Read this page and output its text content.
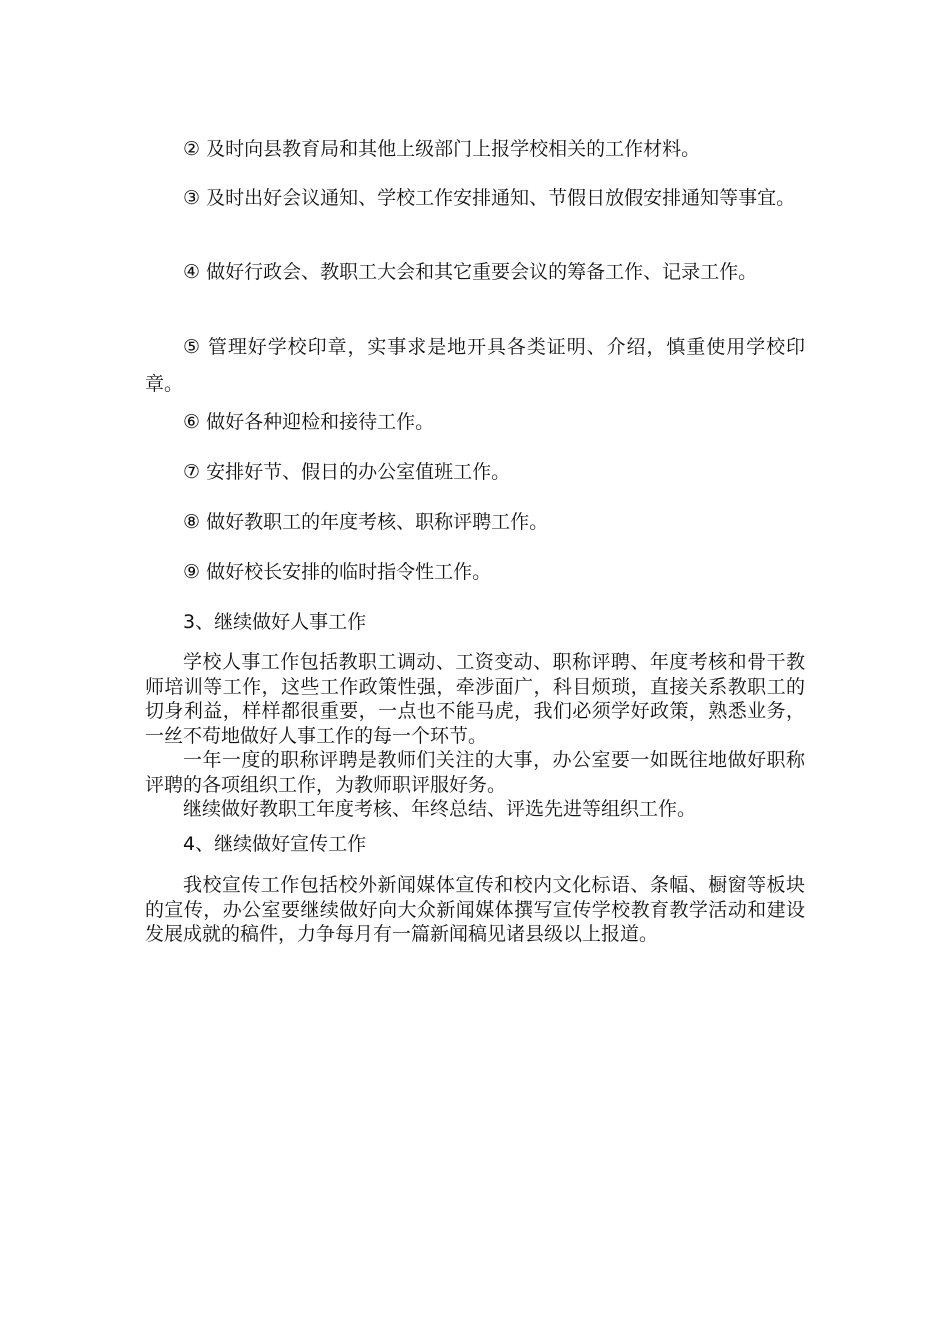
② 及时向县教育局和其他上级部门上报学校相关的工作材料。
③ 及时出好会议通知、学校工作安排通知、节假日放假安排通知等事宜。
④ 做好行政会、教职工大会和其它重要会议的筹备工作、记录工作。
⑤ 管理好学校印章，实事求是地开具各类证明、介绍，慎重使用学校印章。
⑥ 做好各种迎检和接待工作。
⑦ 安排好节、假日的办公室值班工作。
⑧ 做好教职工的年度考核、职称评聘工作。
⑨ 做好校长安排的临时指令性工作。
3、继续做好人事工作
学校人事工作包括教职工调动、工资变动、职称评聘、年度考核和骨干教师培训等工作，这些工作政策性强，牵涉面广，科目烦琐，直接关系教职工的切身利益，样样都很重要，一点也不能马虎，我们必须学好政策，熟悉业务，一丝不苟地做好人事工作的每一个环节。
一年一度的职称评聘是教师们关注的大事，办公室要一如既往地做好职称评聘的各项组织工作，为教师职评服好务。
继续做好教职工年度考核、年终总结、评选先进等组织工作。
4、继续做好宣传工作
我校宣传工作包括校外新闻媒体宣传和校内文化标语、条幅、橱窗等板块的宣传，办公室要继续做好向大众新闻媒体撰写宣传学校教育教学活动和建设发展成就的稿件，力争每月有一篇新闻稿见诸县级以上报道。
